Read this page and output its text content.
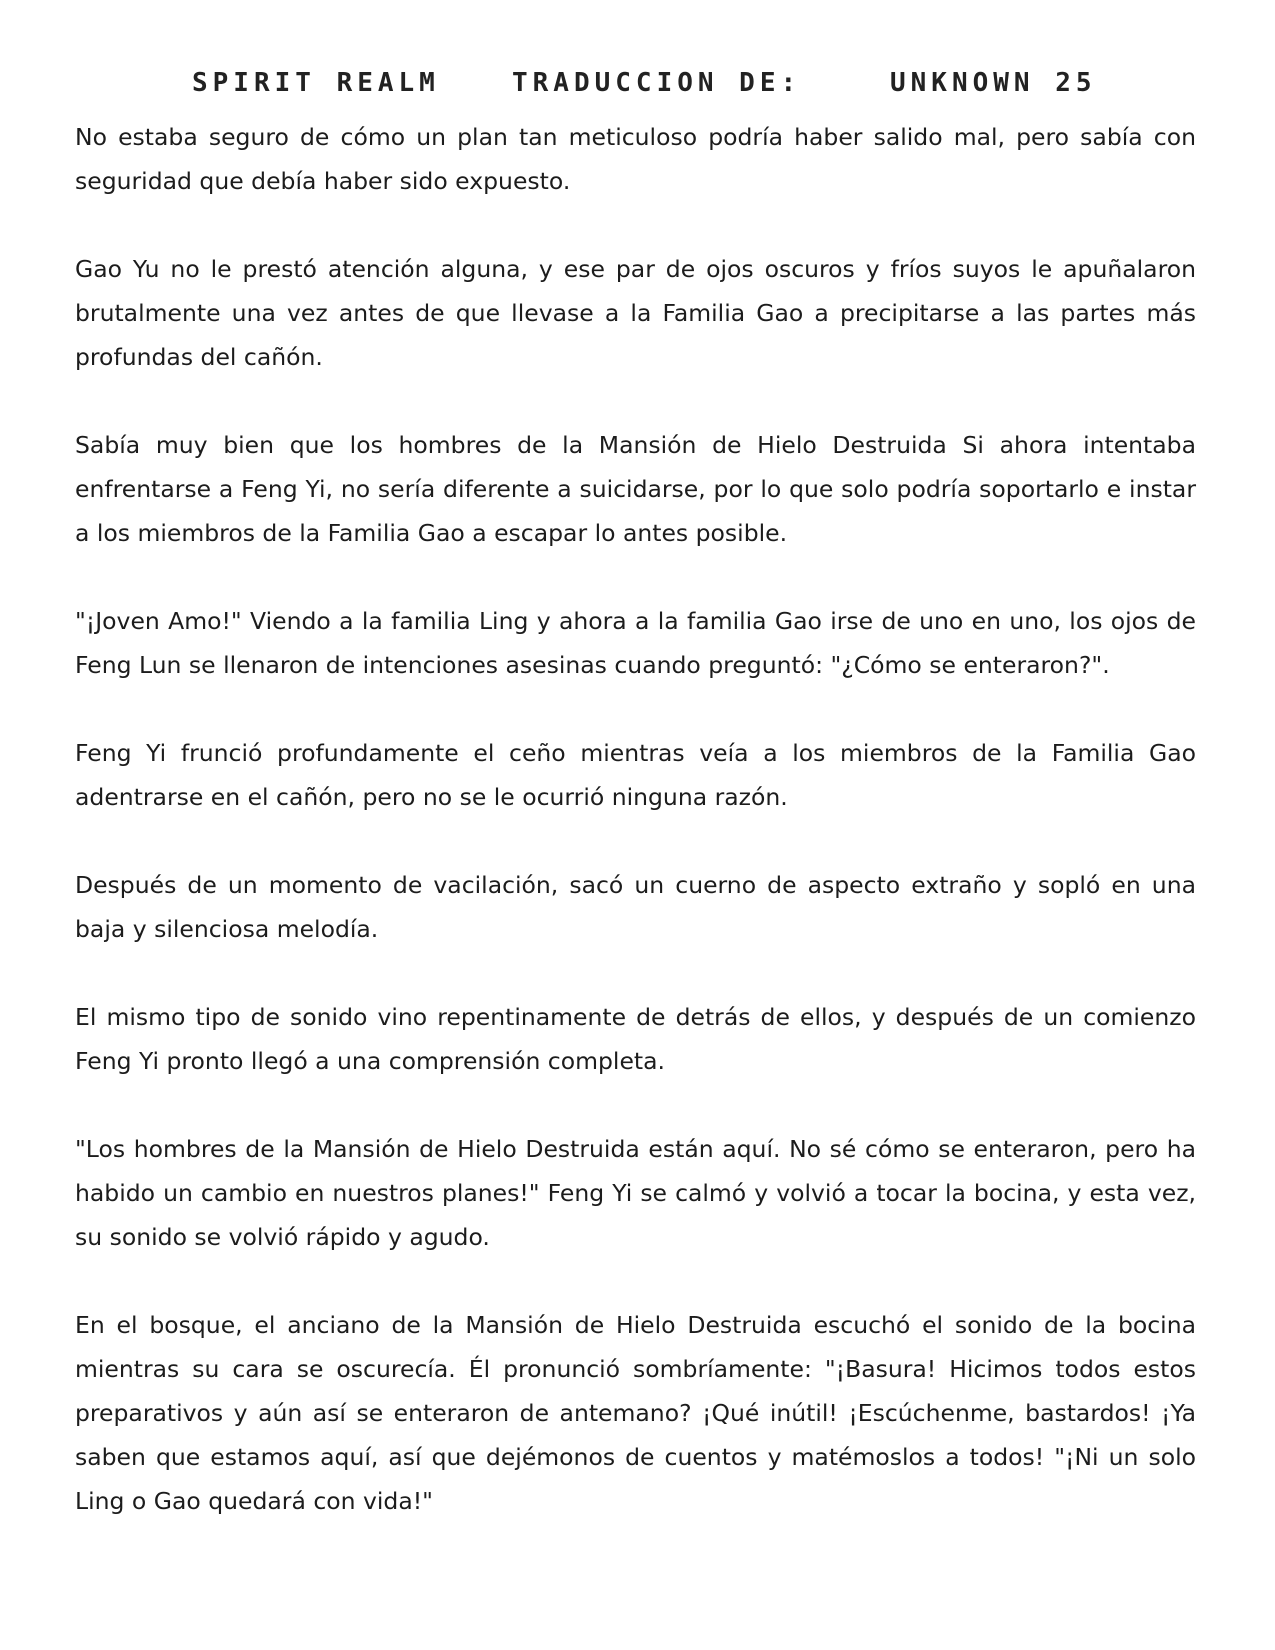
SPIRIT REALM	TRADUCCION DE:	UNKNOWN 25

No estaba seguro de cómo un plan tan meticuloso podría haber salido mal, pero sabía con seguridad que debía haber sido expuesto.

Gao Yu no le prestó atención alguna, y ese par de ojos oscuros y fríos suyos le apuñalaron brutalmente una vez antes de que llevase a la Familia Gao a precipitarse a las partes más profundas del cañón.

Sabía muy bien que los hombres de la Mansión de Hielo Destruida Si ahora intentaba enfrentarse a Feng Yi, no sería diferente a suicidarse, por lo que solo podría soportarlo e instar a los miembros de la Familia Gao a escapar lo antes posible.

"¡Joven Amo!" Viendo a la familia Ling y ahora a la familia Gao irse de uno en uno, los ojos de Feng Lun se llenaron de intenciones asesinas cuando preguntó: "¿Cómo se enteraron?".

Feng Yi frunció profundamente el ceño mientras veía a los miembros de la Familia Gao adentrarse en el cañón, pero no se le ocurrió ninguna razón.

Después de un momento de vacilación, sacó un cuerno de aspecto extraño y sopló en una baja y silenciosa melodía.

El mismo tipo de sonido vino repentinamente de detrás de ellos, y después de un comienzo Feng Yi pronto llegó a una comprensión completa.

"Los hombres de la Mansión de Hielo Destruida están aquí. No sé cómo se enteraron, pero ha habido un cambio en nuestros planes!" Feng Yi se calmó y volvió a tocar la bocina, y esta vez, su sonido se volvió rápido y agudo.

En el bosque, el anciano de la Mansión de Hielo Destruida escuchó el sonido de la bocina mientras su cara se oscurecía. Él pronunció sombríamente: "¡Basura! Hicimos todos estos preparativos y aún así se enteraron de antemano? ¡Qué inútil! ¡Escúchenme, bastardos! ¡Ya saben que estamos aquí, así que dejémonos de cuentos y matémoslos a todos! "¡Ni un solo Ling o Gao quedará con vida!"
